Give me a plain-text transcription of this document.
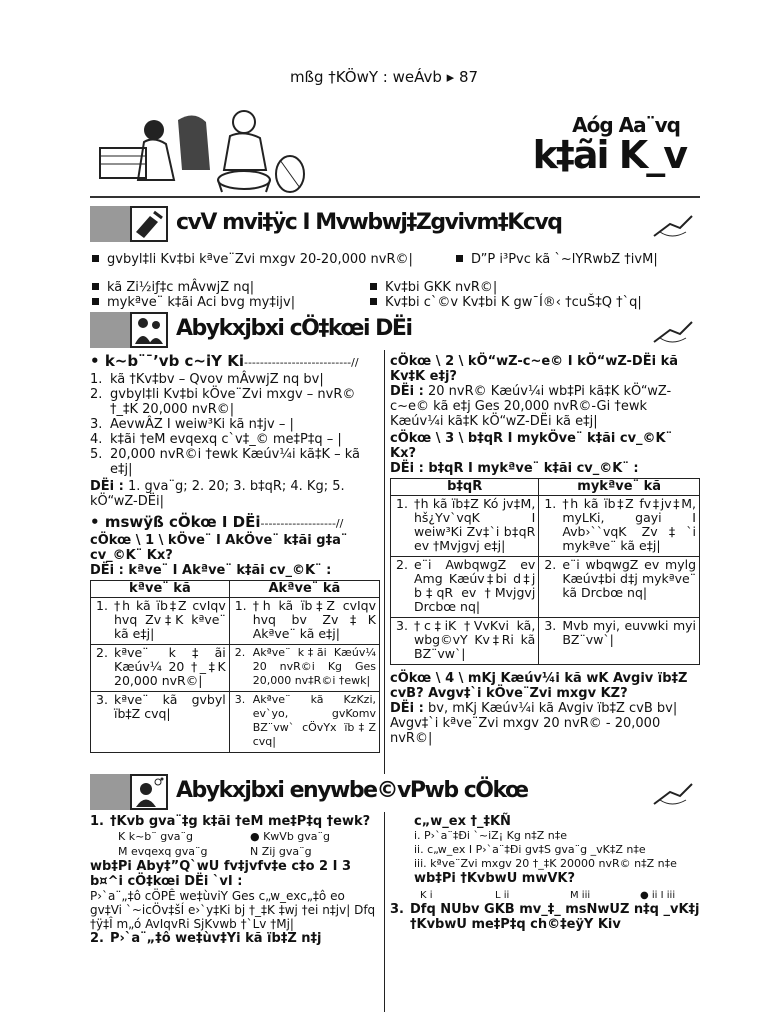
mßg †KÖwY : weÁvb ▸ 87
Aóg Aa¨vq
k‡ãi K_v
cvV mvi‡ÿc I Mvwbwj‡Zgvivm‡Kcvq
gvbyl‡li Kv‡bi kªve¨Zvi mxgv 20-20,000 nvR©|	D”P i³Pvc kã `~lYRwbZ †ivM|
kã Zi½iƒ‡c mÂvwjZ nq|	Kv‡bi GKK nvR©|
mykªve¨ k‡ãi Aci bvg my‡ijv|	Kv‡bi c`©v Kv‡bi K gw¯Í®‹ †cuŠ‡Q †`q|
Abykxjbxi cÖ‡kœi DËi
• k~b¨¯’vb c~iY Ki---------------------------//
1. kã †Kv‡bv – Qvov mÂvwjZ nq bv|
2. gvbyl‡li Kv‡bi kÖve¨Zvi mxgv – nvR© †_‡K 20,000 nvR©|
3. AevwÂZ I weiw³Ki kã n‡jv – |
4. k‡ãi †eM evqexq c`v‡_© me‡P‡q – |
5. 20,000 nvR©i †ewk Kæúv¼i kã‡K – kã e‡j|
DËi : 1. gva¨g; 2. 20; 3. b‡qR; 4. Kg; 5. kÖ“wZ-DËi|
• mswÿß cÖkœ I DËi-------------------//
cÖkœ \ 1 \ kÖve¨ I AkÖve¨ k‡ãi g‡a¨ cv_©K¨ Kx?
DËi : kªve¨ I Akªve¨ k‡ãi cv_©K¨ :
kªve¨ kã	Akªve¨ kã

1. †h kã ïb‡Z cvIqv hvq Zv‡K kªve¨ kã e‡j|	1. †h kã ïb‡Z cvIqv hvq bv Zv‡K Akªve¨ kã e‡j|

2. kªve¨ k‡ãi Kæúv¼ 20 †_‡K 20,000 nvR©|	2. Akªve¨ k‡ãi Kæúv¼ 20 nvR©i Kg Ges 20,000 nv‡R©i †ewk|

3. kªve¨ kã gvbyl ïb‡Z cvq|	3. Akªve¨ kã KzKzi, ev`yo, gvKomv BZ¨vw` cÖvYx ïb‡Z cvq|
cÖkœ \ 2 \ kÖ“wZ-c~e© I kÖ“wZ-DËi kã Kv‡K e‡j?
DËi : 20 nvR© Kæúv¼i wb‡Pi kã‡K kÖ“wZ-c~e© kã e‡j Ges 20,000 nvR©-Gi †ewk Kæúv¼i kã‡K kÖ“wZ-DËi kã e‡j|
cÖkœ \ 3 \ b‡qR I mykÖve¨ k‡ãi cv_©K¨ Kx?
DËi : b‡qR I mykªve¨ k‡ãi cv_©K¨ :
b‡qR	mykªve¨ kã

1. †h kã ïb‡Z Kó jv‡M, hš¿Yv`vqK I weiw³Ki Zv‡`i b‡qR ev †Mvjgvj e‡j|	1. †h kã ïb‡Z fv‡jv‡M, myLKi, gayi I Avb›``vqK Zv‡`i mykªve¨ kã e‡j|

2. e¨i AwbqwgZ ev Amg Kæúv‡bi d‡j b‡qR ev †Mvjgvj Drcbœ nq|	2. e¨i wbqwgZ ev mylg Kæúv‡bi d‡j mykªve¨ kã Drcbœ nq|

3. †c‡iK †VvKvi kã, wbg©vY Kv‡Ri kã BZ¨vw`|	3. Mvb myi, euvwki myi BZ¨vw`|
cÖkœ \ 4 \ mKj Kæúv¼i kã wK Avgiv ïb‡Z cvB? Avgv‡`i kÖve¨Zvi mxgv KZ?
DËi : bv, mKj Kæúv¼i kã Avgiv ïb‡Z cvB bv| Avgv‡`i kªve¨Zvi mxgv 20 nvR© - 20,000 nvR©|
Abykxjbxi enywbe©vPwb cÖkœ
1. †Kvb gva¨‡g k‡ãi †eM me‡P‡q †ewk?
K k~b¨ gva¨g	● KwVb gva¨g
M evqexq gva¨g	N Zij gva¨g
wb‡Pi Aby‡”Q`wU fv‡jvfv‡e c‡o 2 I 3 b¤^i cÖ‡kœi DËi `vI :
P›`a¨„‡ô cÖPÊ we‡ùviY Ges c„w_exc„‡ô eo gv‡Vi `~icÖv‡šÍ e›`y‡Ki bj †_‡K ‡wj †ei n‡jv| Dfq †ÿ‡Î m„ó AvIqvRi SjKvwb †`Lv †Mj|
2. P›`a¨„‡ô we‡ùv‡Yi kã ïb‡Z n‡j
c„w_ex †_‡KÑ
i. P›`a¨‡Ði `~iZ¡ Kg n‡Z n‡e
ii. c„w_ex I P›`a¨‡Ði gv‡S gva¨g _vK‡Z n‡e
iii. kªve¨Zvi mxgv 20 †_‡K 20000 nvR© n‡Z n‡e
wb‡Pi †KvbwU mwVK?
K i	L ii	M iii	● ii I iii
3. Dfq NUbv GKB mv_‡_ msNwUZ n‡q _vK‡j †KvbwU me‡P‡q ch©‡eÿY Kiv
